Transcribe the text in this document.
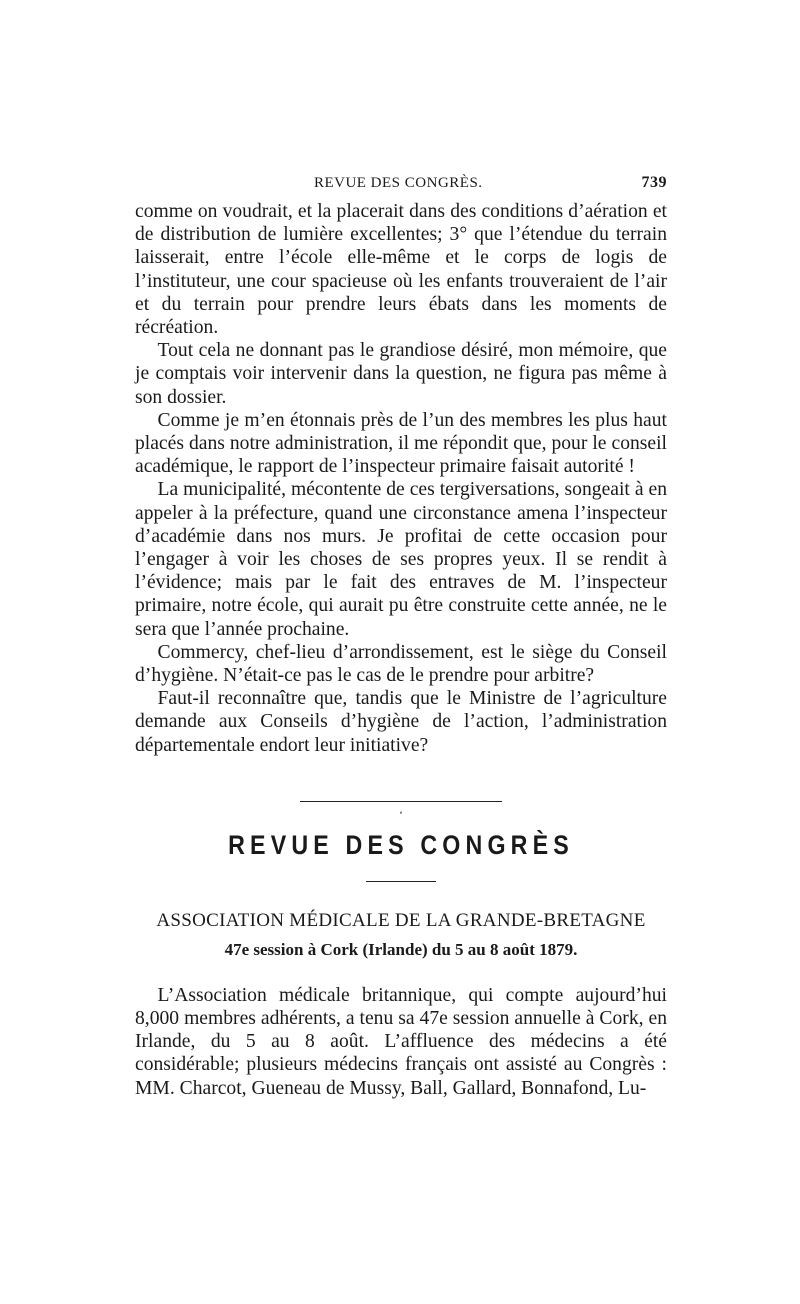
REVUE DES CONGRÈS.	739

comme on voudrait, et la placerait dans des conditions d’aération et de distribution de lumière excellentes; 3° que l’étendue du terrain laisserait, entre l’école elle-même et le corps de logis de l’instituteur, une cour spacieuse où les enfants trouveraient de l’air et du terrain pour prendre leurs ébats dans les moments de récréation.

Tout cela ne donnant pas le grandiose désiré, mon mémoire, que je comptais voir intervenir dans la question, ne figura pas même à son dossier.

Comme je m’en étonnais près de l’un des membres les plus haut placés dans notre administration, il me répondit que, pour le conseil académique, le rapport de l’inspecteur primaire faisait autorité !

La municipalité, mécontente de ces tergiversations, songeait à en appeler à la préfecture, quand une circonstance amena l’inspecteur d’académie dans nos murs. Je profitai de cette occasion pour l’engager à voir les choses de ses propres yeux. Il se rendit à l’évidence; mais par le fait des entraves de M. l’inspecteur primaire, notre école, qui aurait pu être construite cette année, ne le sera que l’année prochaine.

Commercy, chef-lieu d’arrondissement, est le siège du Conseil d’hygiène. N’était-ce pas le cas de le prendre pour arbitre?

Faut-il reconnaître que, tandis que le Ministre de l’agriculture demande aux Conseils d’hygiène de l’action, l’administration départementale endort leur initiative?

•
REVUE DES CONGRÈS
ASSOCIATION MÉDICALE DE LA GRANDE-BRETAGNE
47e session à Cork (Irlande) du 5 au 8 août 1879.

L’Association médicale britannique, qui compte aujourd’hui 8,000 membres adhérents, a tenu sa 47e session annuelle à Cork, en Irlande, du 5 au 8 août. L’affluence des médecins a été considérable; plusieurs médecins français ont assisté au Congrès : MM. Charcot, Gueneau de Mussy, Ball, Gallard, Bonnafond, Lu-
